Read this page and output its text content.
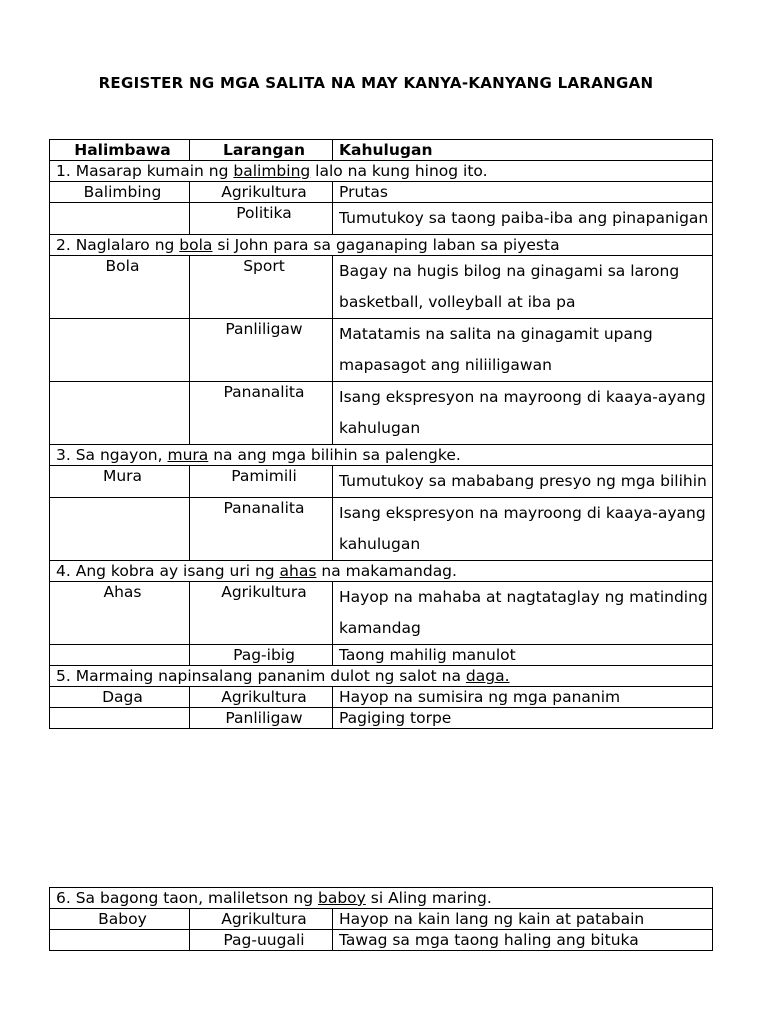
REGISTER NG MGA SALITA NA MAY KANYA-KANYANG LARANGAN
Halimbawa	Larangan	Kahulugan
1. Masarap kumain ng balimbing lalo na kung hinog ito.		
Balimbing	Agrikultura	Prutas
	Politika	Tumutukoy sa taong paiba-iba ang pinapanigan
2. Naglalaro ng bola si John para sa gaganaping laban sa piyesta		
Bola	Sport	Bagay na hugis bilog na ginagami sa larong basketball, volleyball at iba pa
	Panliligaw	Matatamis na salita na ginagamit upang mapasagot ang niliiligawan
	Pananalita	Isang ekspresyon na mayroong di kaaya-ayang kahulugan
3. Sa ngayon, mura na ang mga bilihin sa palengke.		
Mura	Pamimili	Tumutukoy sa mababang presyo ng mga bilihin
	Pananalita	Isang ekspresyon na mayroong di kaaya-ayang kahulugan
4. Ang kobra ay isang uri ng ahas na makamandag.		
Ahas	Agrikultura	Hayop na mahaba at nagtataglay ng matinding kamandag
	Pag-ibig	Taong mahilig manulot
5. Marmaing napinsalang pananim dulot ng salot na daga.		
Daga	Agrikultura	Hayop na sumisira ng mga pananim
	Panliligaw	Pagiging torpe
6. Sa bagong taon, maliletson ng baboy si Aling maring.		
Baboy	Agrikultura	Hayop na kain lang ng kain at patabain
	Pag-uugali	Tawag sa mga taong haling ang bituka
